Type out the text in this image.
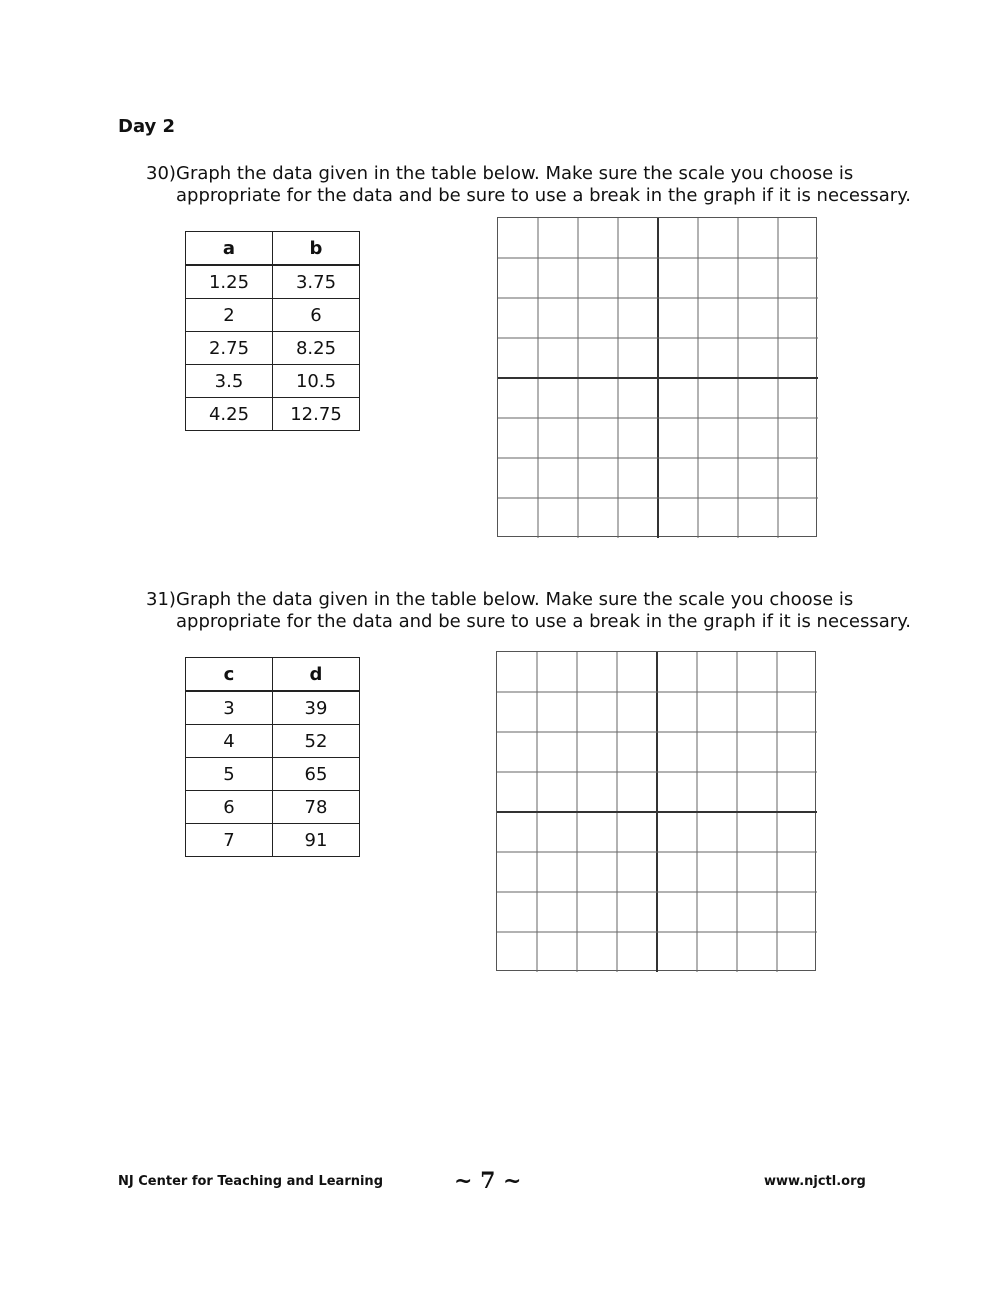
Day 2
30) Graph the data given in the table below. Make sure the scale you choose is
appropriate for the data and be sure to use a break in the graph if it is necessary.
a	b
1.25	3.75
2	6
2.75	8.25
3.5	10.5
4.25	12.75
31) Graph the data given in the table below. Make sure the scale you choose is
appropriate for the data and be sure to use a break in the graph if it is necessary.
c	d
3	39
4	52
5	65
6	78
7	91
NJ Center for Teaching and Learning	~ 7 ~	www.njctl.org
